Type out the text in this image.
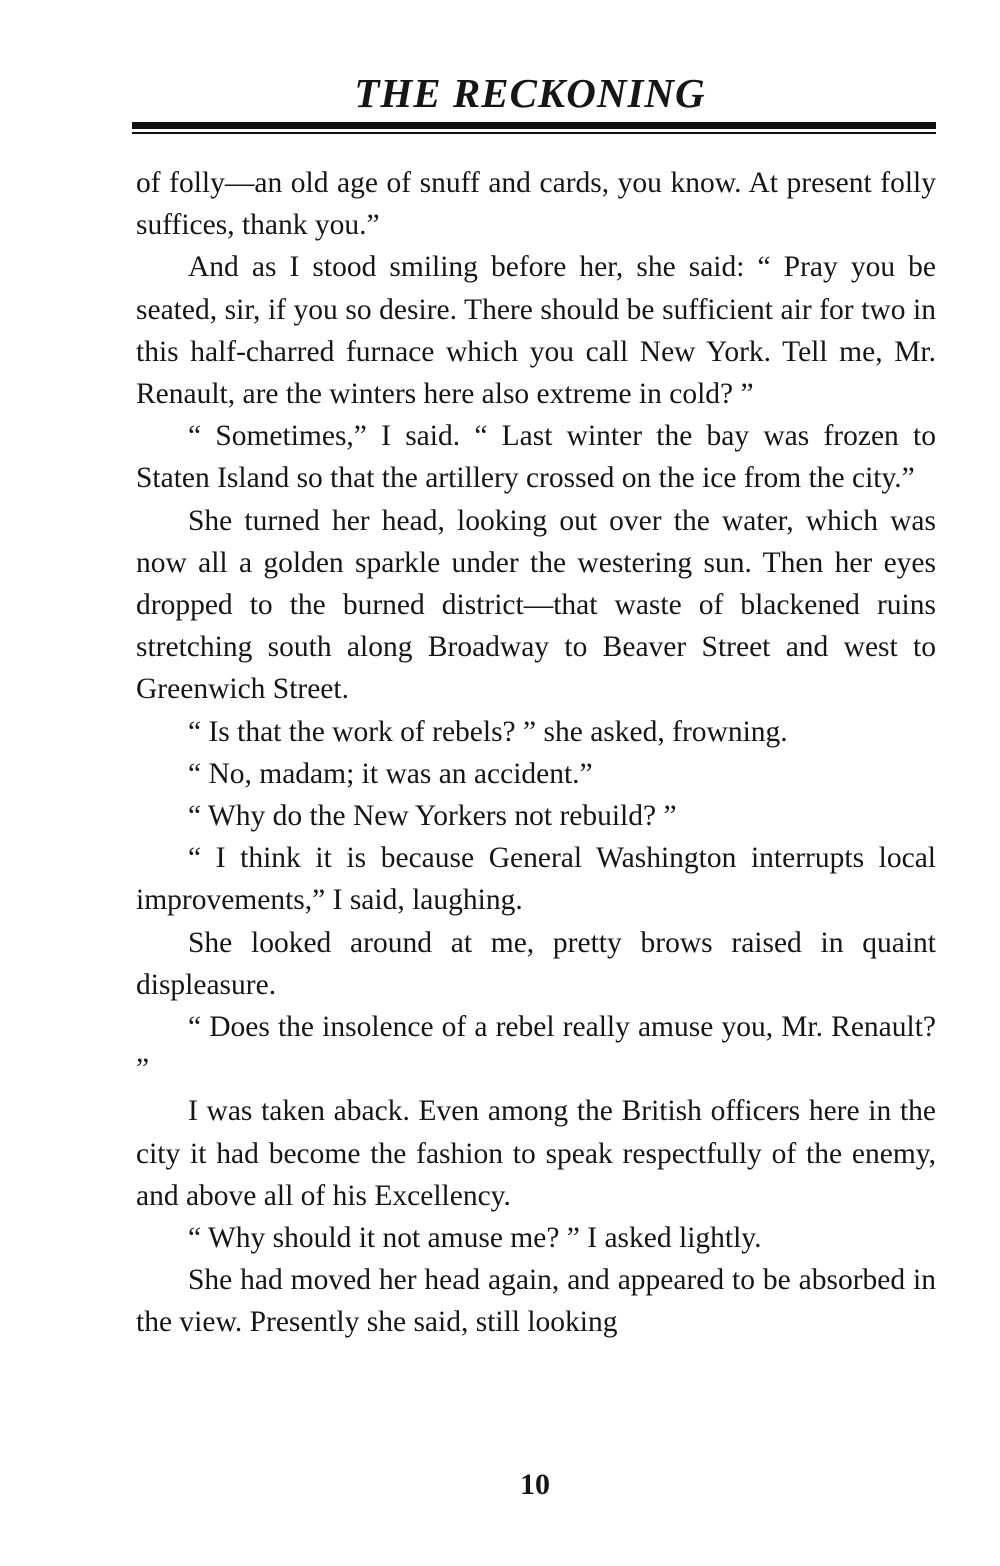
THE RECKONING

of folly—an old age of snuff and cards, you know. At present folly suffices, thank you.”

And as I stood smiling before her, she said: “ Pray you be seated, sir, if you so desire. There should be sufficient air for two in this half-charred furnace which you call New York. Tell me, Mr. Renault, are the winters here also extreme in cold? ”

“ Sometimes,” I said. “ Last winter the bay was frozen to Staten Island so that the artillery crossed on the ice from the city.”

She turned her head, looking out over the water, which was now all a golden sparkle under the westering sun. Then her eyes dropped to the burned district—that waste of blackened ruins stretching south along Broadway to Beaver Street and west to Greenwich Street.

“ Is that the work of rebels? ” she asked, frowning.

“ No, madam; it was an accident.”

“ Why do the New Yorkers not rebuild? ”

“ I think it is because General Washington interrupts local improvements,” I said, laughing.

She looked around at me, pretty brows raised in quaint displeasure.

“ Does the insolence of a rebel really amuse you, Mr. Renault? ”

I was taken aback. Even among the British officers here in the city it had become the fashion to speak respectfully of the enemy, and above all of his Excellency.

“ Why should it not amuse me? ” I asked lightly.

She had moved her head again, and appeared to be absorbed in the view. Presently she said, still looking

10
